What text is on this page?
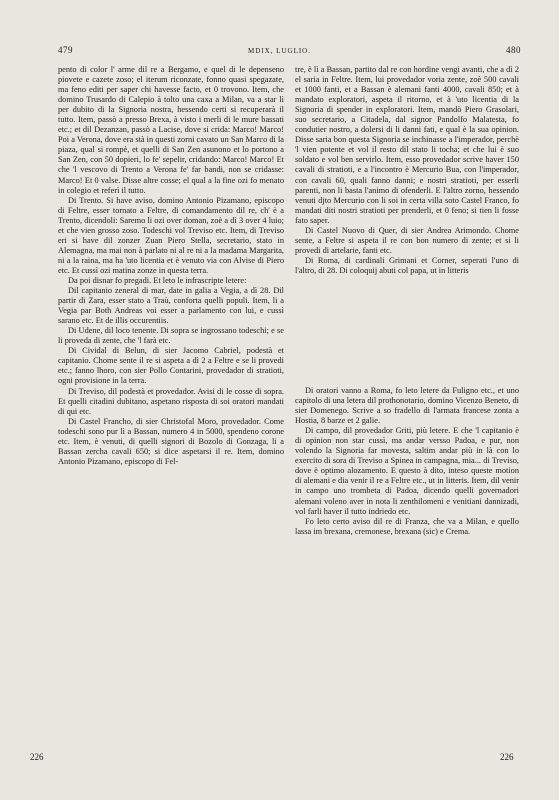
479	MDIX, LUGLIO.	480

pento di color l' arme dil re a Bergamo, e quel di le depenseno piovete e cazete zoso; el iterum riconzate, fonno quasi spegazate, ma feno editi per saper chi havesse facto, et 0 trovono. Item, che domino Trusardo di Calepio à tolto una caxa a Milan, va a star lì per dubito di la Signoria nostra, hessendo certi si recuperarà il tutto. Item, passò a presso Brexa, à visto i merli di le mure bassati etc.; et dil Dezanzan, passò a Lacise, dove si crida: Marco! Marco! Poi a Verona, dove era stà in questi zorni cavato un San Marco di la piaza, qual si rompè, et quelli di San Zen asunono et lo portono a San Zen, con 50 dopieri, lo fe' sepelir, cridando: Marco! Marco! Et che 'l vescovo di Trento a Verona fe' far bandi, non se cridasse: Marco! Et 0 valse. Disse altre cosse; el qual a la fine ozi fo menato in colegio et referì il tutto.

Di Trento. Si have aviso, domino Antonio Pizamano, episcopo di Feltre, esser tornato a Feltre, di comandamento dil re, ch' è a Trento, dicendoli: Saremo li ozi over doman, zoè a dì 3 over 4 luio; et che vien grosso zoso. Todeschi vol Treviso etc. Item, di Treviso eri si have dil zonzer Zuan Piero Stella, secretario, stato in Alemagna, ma mai non à parlato ni al re ni a la madama Margarita, ni a la raina, ma ha 'uto licentia et è venuto via con Alvise di Piero etc. Et cussì ozi matina zonze in questa terra.

Da poi disnar fo pregadi. Et leto le infrascripte letere:

Dil capitanio zeneral di mar, date in galia a Vegia, a dì 28. Dil partir di Zara, esser stato a Traù, conforta quelli populi. Item, li a Vegia par Both Andreas voi esser a parlamento con lui, e cussì sarano etc. Et de illis occurentiis.

Di Udene, dil loco tenente. Di sopra se ingrossano todeschi; e se li proveda di zente, che 'l farà etc.

Di Cividal di Belun, di sier Jacomo Cabriel, podestà et capitanio. Chome sente il re si aspeta a dì 2 a Feltre e se li provedi etc.; fanno lhoro, con sier Pollo Contarini, provedador di stratioti, ogni provisione in la terra.

Di Treviso, dil podestà et provedador. Avisi di le cosse di sopra. Et quelli citadini dubitano, aspetano risposta di soi oratori mandati di qui etc.

Di Castel Francho, di sier Christofal Moro, provedador. Come todeschi sono pur lì a Bassan, numero 4 in 5000, spendeno corone etc. Item, è venuti, di quelli signori di Bozolo di Gonzaga, li a Bassan zercha cavali 650; si dice aspetarsi il re. Item, domino Antonio Pizamano, episcopo di Fel-

tre, è lì a Bassan, partito dal re con hordine vengi avanti, che a dì 2 el saria in Feltre. Item, lui provedador voria zente, zoè 500 cavali et 1000 fanti, et a Bassan è alemani fanti 4000, cavali 850; et à mandato exploratori, aspeta il ritorno, et à 'uto licentia di la Signoria di spender in exploratori. Item, mandò Piero Grasolari, suo secretario, a Citadela, dal signor Pandolfo Malatesta, fo condutier nostro, a dolersi di li danni fati, e qual è la sua opinion. Disse saria bon questa Signoria se inchinasse a l'imperador, perchè 'l vien potente et vol il resto dil stato li tocha; et che lui è suo soldato e vol ben servirlo. Item, esso provedador scrive haver 150 cavali di stratioti, e a l'incontro è Mercurio Bua, con l'imperador, con cavali 60, quali fanno danni; e nostri stratioti, per esserli parenti, non li basta l'animo di ofenderli. E l'altro zorno, hessendo venuti djto Mercurio con li soi in certa villa soto Castel Franco, fo mandati diti nostri stratioti per prenderli, et 0 feno; si tien li fosse fato saper.

Di Castel Nuovo di Quer, di sier Andrea Arimondo. Chome sente, a Feltre si aspeta il re con bon numero di zente; et si li provedi di artelarie, fanti etc.

Di Roma, di cardinali Grimani et Corner, seperati l'uno di l'altro, di 28. Di coloquij abuti col papa, ut in litteris

Di oratori vanno a Roma, fo leto letere da Fuligno etc., et uno capitolo di una letera dil prothonotario, domino Vicenzo Beneto, di sier Domenego. Scrive a so fradello di l'armata francese zonta a Hostia, 8 barze et 2 galie.

Di campo, dil provedador Griti, più letere. E che 'l capitanio è di opinion non star cussì, ma andar versso Padoa, e pur, non volendo la Signoria far movesta, saltim andar più in là con lo exercito di sora di Treviso a Spinea in campagna, mia... di Treviso, dove è optimo alozamento. E questo à dito, inteso queste motion di alemani e dia venir il re a Feltre etc., ut in litteris. Item, dil venir in campo uno trombeta di Padoa, dicendo quelli governadori alemani voleno aver in nota li zenthilomeni e venitiani dannizadi, vol farli haver il tutto indriedo etc.

Fo leto certo aviso dil re di Franza, che va a Milan, e quello lassa im brexana, cremonese, brexana (sic) e Crema.

226	226
